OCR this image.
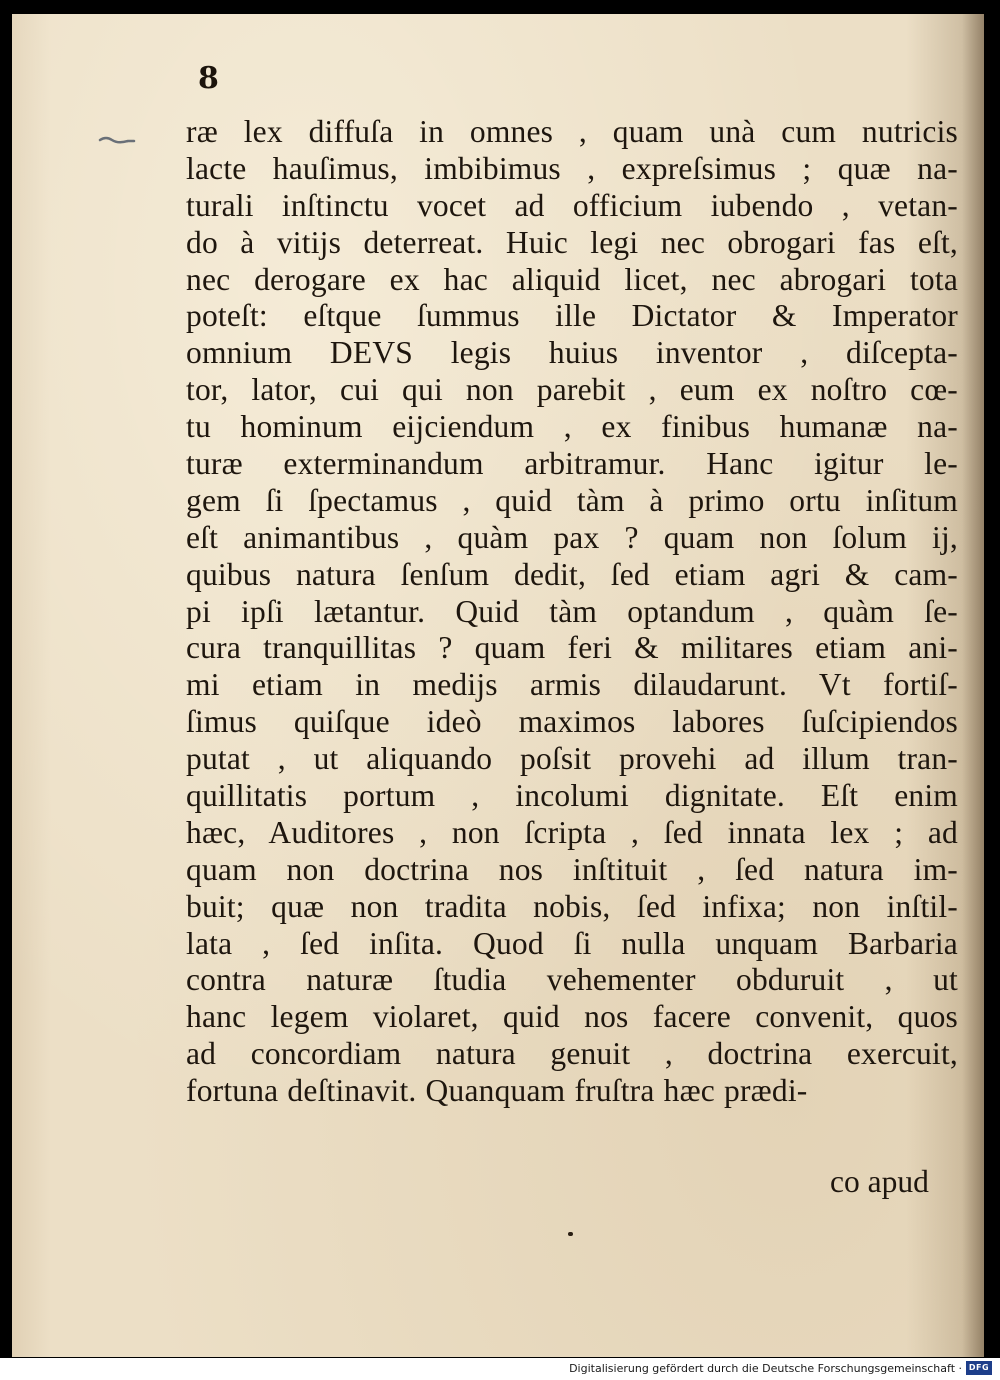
8
ræ lex diffuſa in omnes , quam unà cum nutricis
lacte hauſimus, imbibimus , expreſsimus ; quæ na-
turali inſtinctu vocet ad officium iubendo , vetan-
do à vitijs deterreat. Huic legi nec obrogari fas eſt,
nec derogare ex hac aliquid licet, nec abrogari tota
poteſt: eſtque ſummus ille Dictator & Imperator
omnium DEVS legis huius inventor , diſcepta-
tor, lator, cui qui non parebit , eum ex noſtro cœ-
tu hominum eijciendum , ex finibus humanæ na-
turæ exterminandum arbitramur. Hanc igitur le-
gem ſi ſpectamus , quid tàm à primo ortu inſitum
eſt animantibus , quàm pax ? quam non ſolum ij,
quibus natura ſenſum dedit, ſed etiam agri & cam-
pi ipſi lætantur. Quid tàm optandum , quàm ſe-
cura tranquillitas ? quam feri & militares etiam ani-
mi etiam in medijs armis dilaudarunt. Vt fortiſ-
ſimus quiſque ideò maximos labores ſuſcipiendos
putat , ut aliquando poſsit provehi ad illum tran-
quillitatis portum , incolumi dignitate. Eſt enim
hæc, Auditores , non ſcripta , ſed innata lex ; ad
quam non doctrina nos inſtituit , ſed natura im-
buit; quæ non tradita nobis, ſed infixa; non inſtil-
lata , ſed inſita. Quod ſi nulla unquam Barbaria
contra naturæ ſtudia vehementer obduruit , ut
hanc legem violaret, quid nos facere convenit, quos
ad concordiam natura genuit , doctrina exercuit,
fortuna deſtinavit. Quanquam fruſtra hæc prædi-
co apud
Digitalisierung gefördert durch die Deutsche Forschungsgemeinschaft · DFG
